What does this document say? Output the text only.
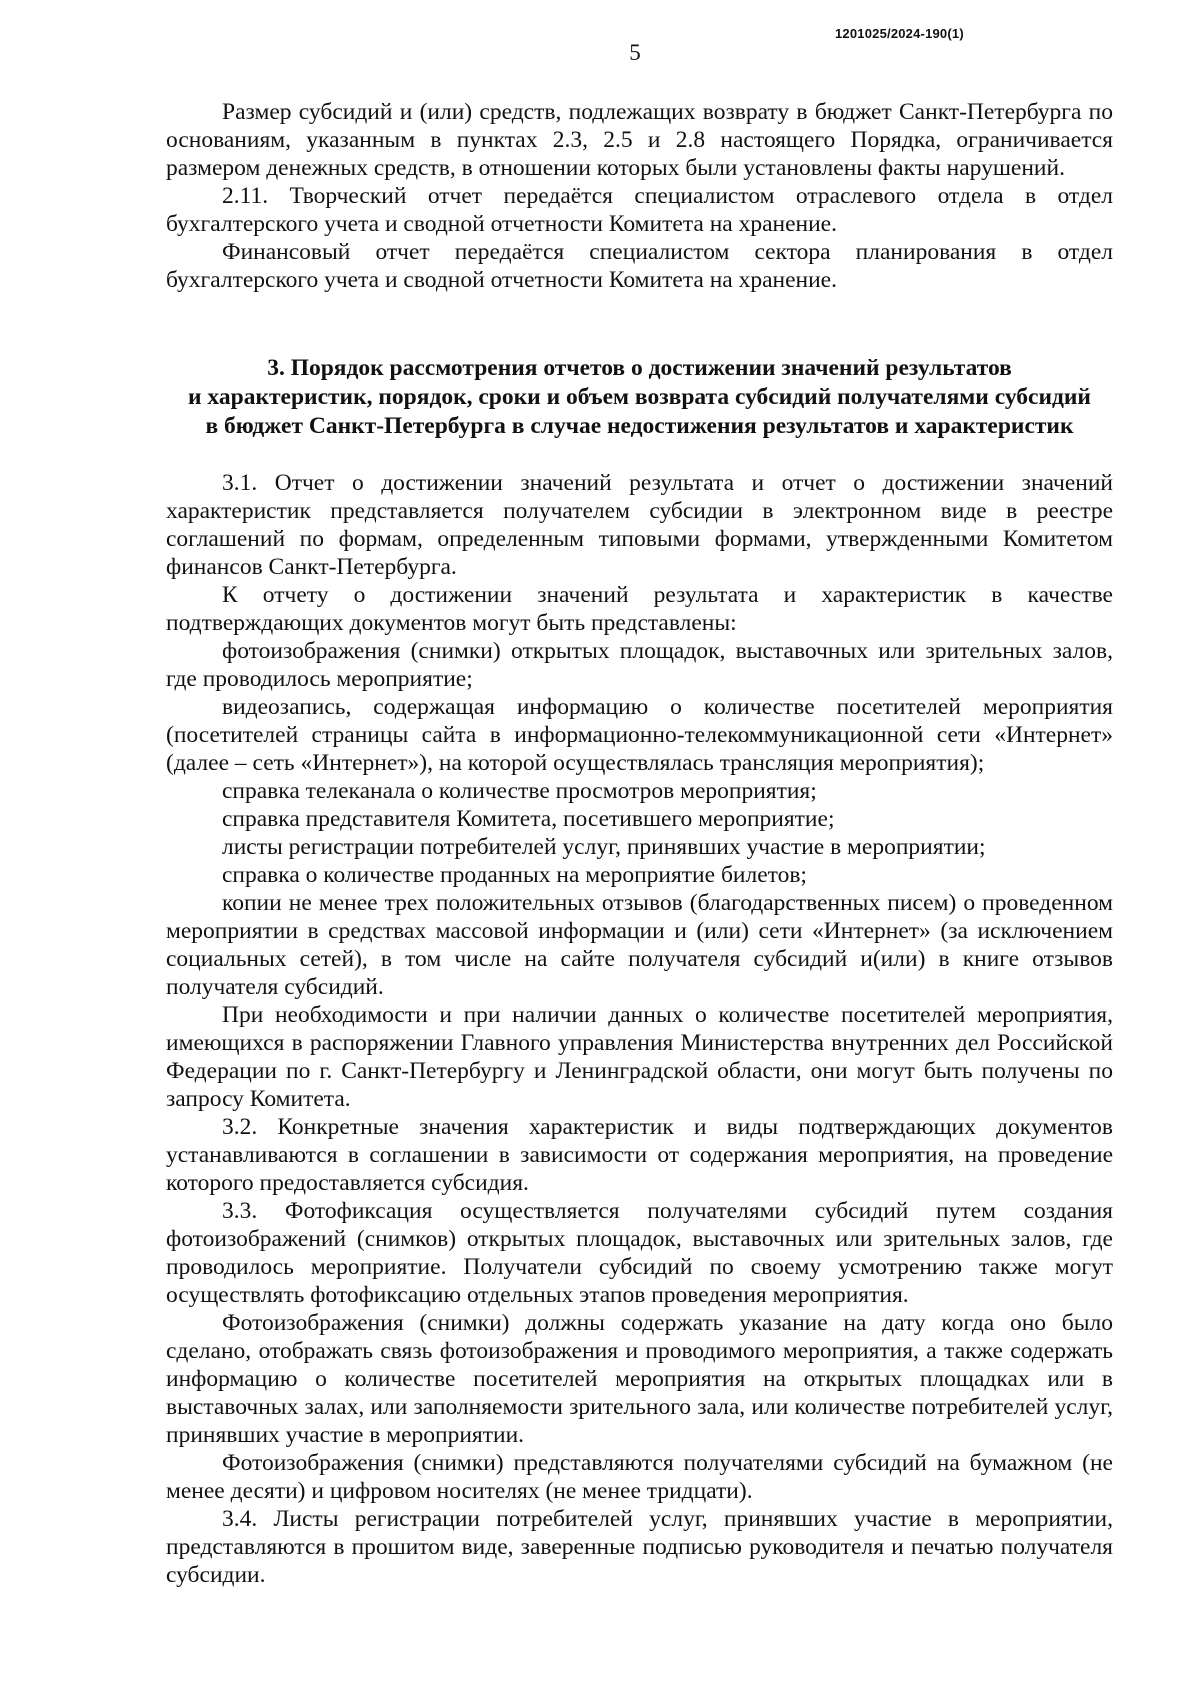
1201025/2024-190(1)
5

Размер субсидий и (или) средств, подлежащих возврату в бюджет Санкт-Петербурга по основаниям, указанным в пунктах 2.3, 2.5 и 2.8 настоящего Порядка, ограничивается размером денежных средств, в отношении которых были установлены факты нарушений.

2.11. Творческий отчет передаётся специалистом отраслевого отдела в отдел бухгалтерского учета и сводной отчетности Комитета на хранение.

Финансовый отчет передаётся специалистом сектора планирования в отдел бухгалтерского учета и сводной отчетности Комитета на хранение.

3. Порядок рассмотрения отчетов о достижении значений результатов
и характеристик, порядок, сроки и объем возврата субсидий получателями субсидий
в бюджет Санкт-Петербурга в случае недостижения результатов и характеристик

3.1. Отчет о достижении значений результата и отчет о достижении значений характеристик представляется получателем субсидии в электронном виде в реестре соглашений по формам, определенным типовыми формами, утвержденными Комитетом финансов Санкт-Петербурга.

К отчету о достижении значений результата и характеристик в качестве подтверждающих документов могут быть представлены:

фотоизображения (снимки) открытых площадок, выставочных или зрительных залов, где проводилось мероприятие;

видеозапись, содержащая информацию о количестве посетителей мероприятия (посетителей страницы сайта в информационно-телекоммуникационной сети «Интернет» (далее – сеть «Интернет»), на которой осуществлялась трансляция мероприятия);

справка телеканала о количестве просмотров мероприятия;

справка представителя Комитета, посетившего мероприятие;

листы регистрации потребителей услуг, принявших участие в мероприятии;

справка о количестве проданных на мероприятие билетов;

копии не менее трех положительных отзывов (благодарственных писем) о проведенном мероприятии в средствах массовой информации и (или) сети «Интернет» (за исключением социальных сетей), в том числе на сайте получателя субсидий и(или) в книге отзывов получателя субсидий.

При необходимости и при наличии данных о количестве посетителей мероприятия, имеющихся в распоряжении Главного управления Министерства внутренних дел Российской Федерации по г. Санкт-Петербургу и Ленинградской области, они могут быть получены по запросу Комитета.

3.2. Конкретные значения характеристик и виды подтверждающих документов устанавливаются в соглашении в зависимости от содержания мероприятия, на проведение которого предоставляется субсидия.

3.3. Фотофиксация осуществляется получателями субсидий путем создания фотоизображений (снимков) открытых площадок, выставочных или зрительных залов, где проводилось мероприятие. Получатели субсидий по своему усмотрению также могут осуществлять фотофиксацию отдельных этапов проведения мероприятия.

Фотоизображения (снимки) должны содержать указание на дату когда оно было сделано, отображать связь фотоизображения и проводимого мероприятия, а также содержать информацию о количестве посетителей мероприятия на открытых площадках или в выставочных залах, или заполняемости зрительного зала, или количестве потребителей услуг, принявших участие в мероприятии.

Фотоизображения (снимки) представляются получателями субсидий на бумажном (не менее десяти) и цифровом носителях (не менее тридцати).

3.4. Листы регистрации потребителей услуг, принявших участие в мероприятии, представляются в прошитом виде, заверенные подписью руководителя и печатью получателя субсидии.
